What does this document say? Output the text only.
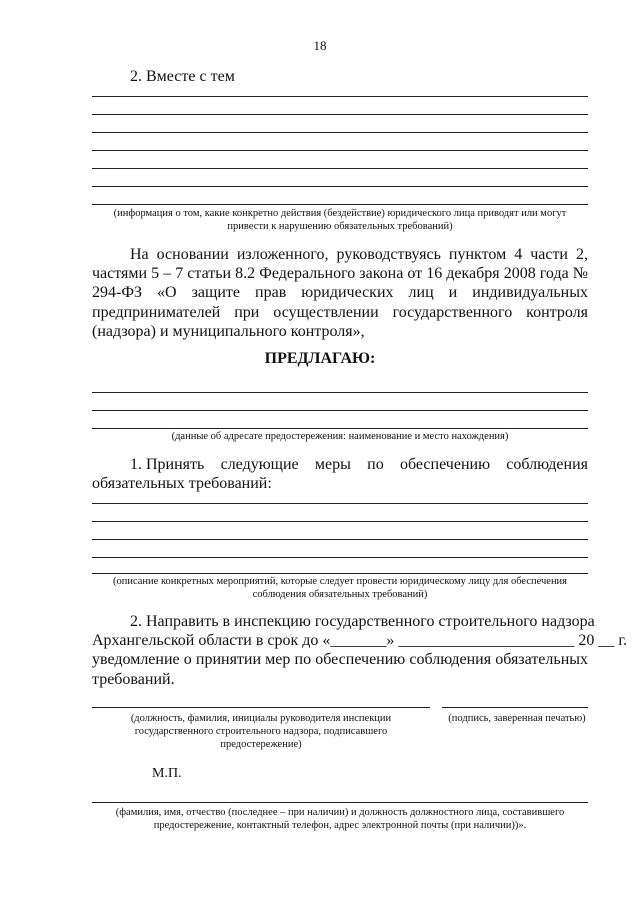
18
2. Вместе с тем
(информация о том, какие конкретно действия (бездействие) юридического лица приводят или могут привести к нарушению обязательных требований)
На основании изложенного, руководствуясь пунктом 4 части 2, частями 5 – 7 статьи 8.2 Федерального закона от 16 декабря 2008 года № 294-ФЗ «О защите прав юридических лиц и индивидуальных предпринимателей при осуществлении государственного контроля (надзора) и муниципального контроля»,
ПРЕДЛАГАЮ:
(данные об адресате предостережения: наименование и место нахождения)
1. Принять следующие меры по обеспечению соблюдения
обязательных требований:
(описание конкретных мероприятий, которые следует провести юридическому лицу для обеспечения соблюдения обязательных требований)
2. Направить в инспекцию государственного строительного надзора
Архангельской области в срок до «_______» ______________________ 20 __ г.
уведомление о принятии мер по обеспечению соблюдения обязательных
требований.
(должность, фамилия, инициалы руководителя инспекции государственного строительного надзора, подписавшего предостережение)
(подпись, заверенная печатью)
М.П.
(фамилия, имя, отчество (последнее – при наличии) и должность должностного лица, составившего предостережение, контактный телефон, адрес электронной почты (при наличии))».
